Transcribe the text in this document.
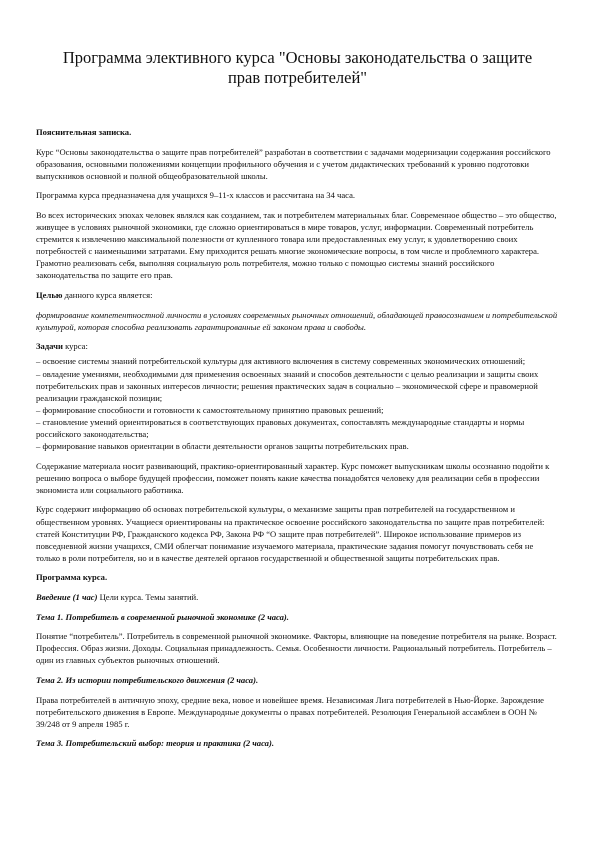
Программа элективного курса "Основы законодательства о защите прав потребителей"

Пояснительная записка.

Курс “Основы законодательства о защите прав потребителей” разработан в соответствии с задачами модернизации содержания российского образования, основными положениями концепции профильного обучения и с учетом дидактических требований к уровню подготовки выпускников основной и полной общеобразовательной школы.

Программа курса предназначена для учащихся 9–11-х классов и рассчитана на 34 часа.

Во всех исторических эпохах человек являлся как созданием, так и потребителем материальных благ. Современное общество – это общество, живущее в условиях рыночной экономики, где сложно ориентироваться в мире товаров, услуг, информации. Современный потребитель стремится к извлечению максимальной полезности от купленного товара или предоставленных ему услуг, к удовлетворению своих потребностей с наименьшими затратами. Ему приходится решать многие экономические вопросы, в том числе и проблемного характера. Грамотно реализовать себя, выполняя социальную роль потребителя, можно только с помощью системы знаний российского законодательства по защите его прав.

Целью данного курса является:

формирование компетентностной личности в условиях современных рыночных отношений, обладающей правосознанием и потребительской культурой, которая способна реализовать гарантированные ей законом права и свободы.

Задачи курса:

– освоение системы знаний потребительской культуры для активного включения в систему современных экономических отношений;
– овладение умениями, необходимыми для применения освоенных знаний и способов деятельности с целью реализации и защиты своих потребительских прав и законных интересов личности; решения практических задач в социально – экономической сфере и правомерной реализации гражданской позиции;
– формирование способности и готовности к самостоятельному принятию правовых решений;
– становление умений ориентироваться в соответствующих правовых документах, сопоставлять международные стандарты и нормы российского законодательства;
– формирование навыков ориентации в области деятельности органов защиты потребительских прав.

Содержание материала носит развивающий, практико-ориентированный характер. Курс поможет выпускникам школы осознанно подойти к решению вопроса о выборе будущей профессии, поможет понять какие качества понадобятся человеку для реализации себя в профессии экономиста или социального работника.

Курс содержит информацию об основах потребительской культуры, о механизме защиты прав потребителей на государственном и общественном уровнях. Учащиеся ориентированы на практическое освоение российского законодательства по защите прав потребителей: статей Конституции РФ, Гражданского кодекса РФ, Закона РФ “О защите прав потребителей”. Широкое использование примеров из повседневной жизни учащихся, СМИ облегчат понимание изучаемого материала, практические задания помогут почувствовать себя не только в роли потребителя, но и в качестве деятелей органов государственной и общественной защиты потребительских прав.

Программа курса.

Введение (1 час) Цели курса. Темы занятий.

Тема 1. Потребитель в современной рыночной экономике (2 часа).

Понятие “потребитель”. Потребитель в современной рыночной экономике. Факторы, влияющие на поведение потребителя на рынке. Возраст. Профессия. Образ жизни. Доходы. Социальная принадлежность. Семья. Особенности личности. Рациональный потребитель. Потребитель – один из главных субъектов рыночных отношений.

Тема 2. Из истории потребительского движения (2 часа).

Права потребителей в античную эпоху, средние века, новое и новейшее время. Независимая Лига потребителей в Нью-Йорке. Зарождение потребительского движения в Европе. Международные документы о правах потребителей. Резолюция Генеральной ассамблеи в ООН № 39/248 от 9 апреля 1985 г.

Тема 3. Потребительский выбор: теория и практика (2 часа).
